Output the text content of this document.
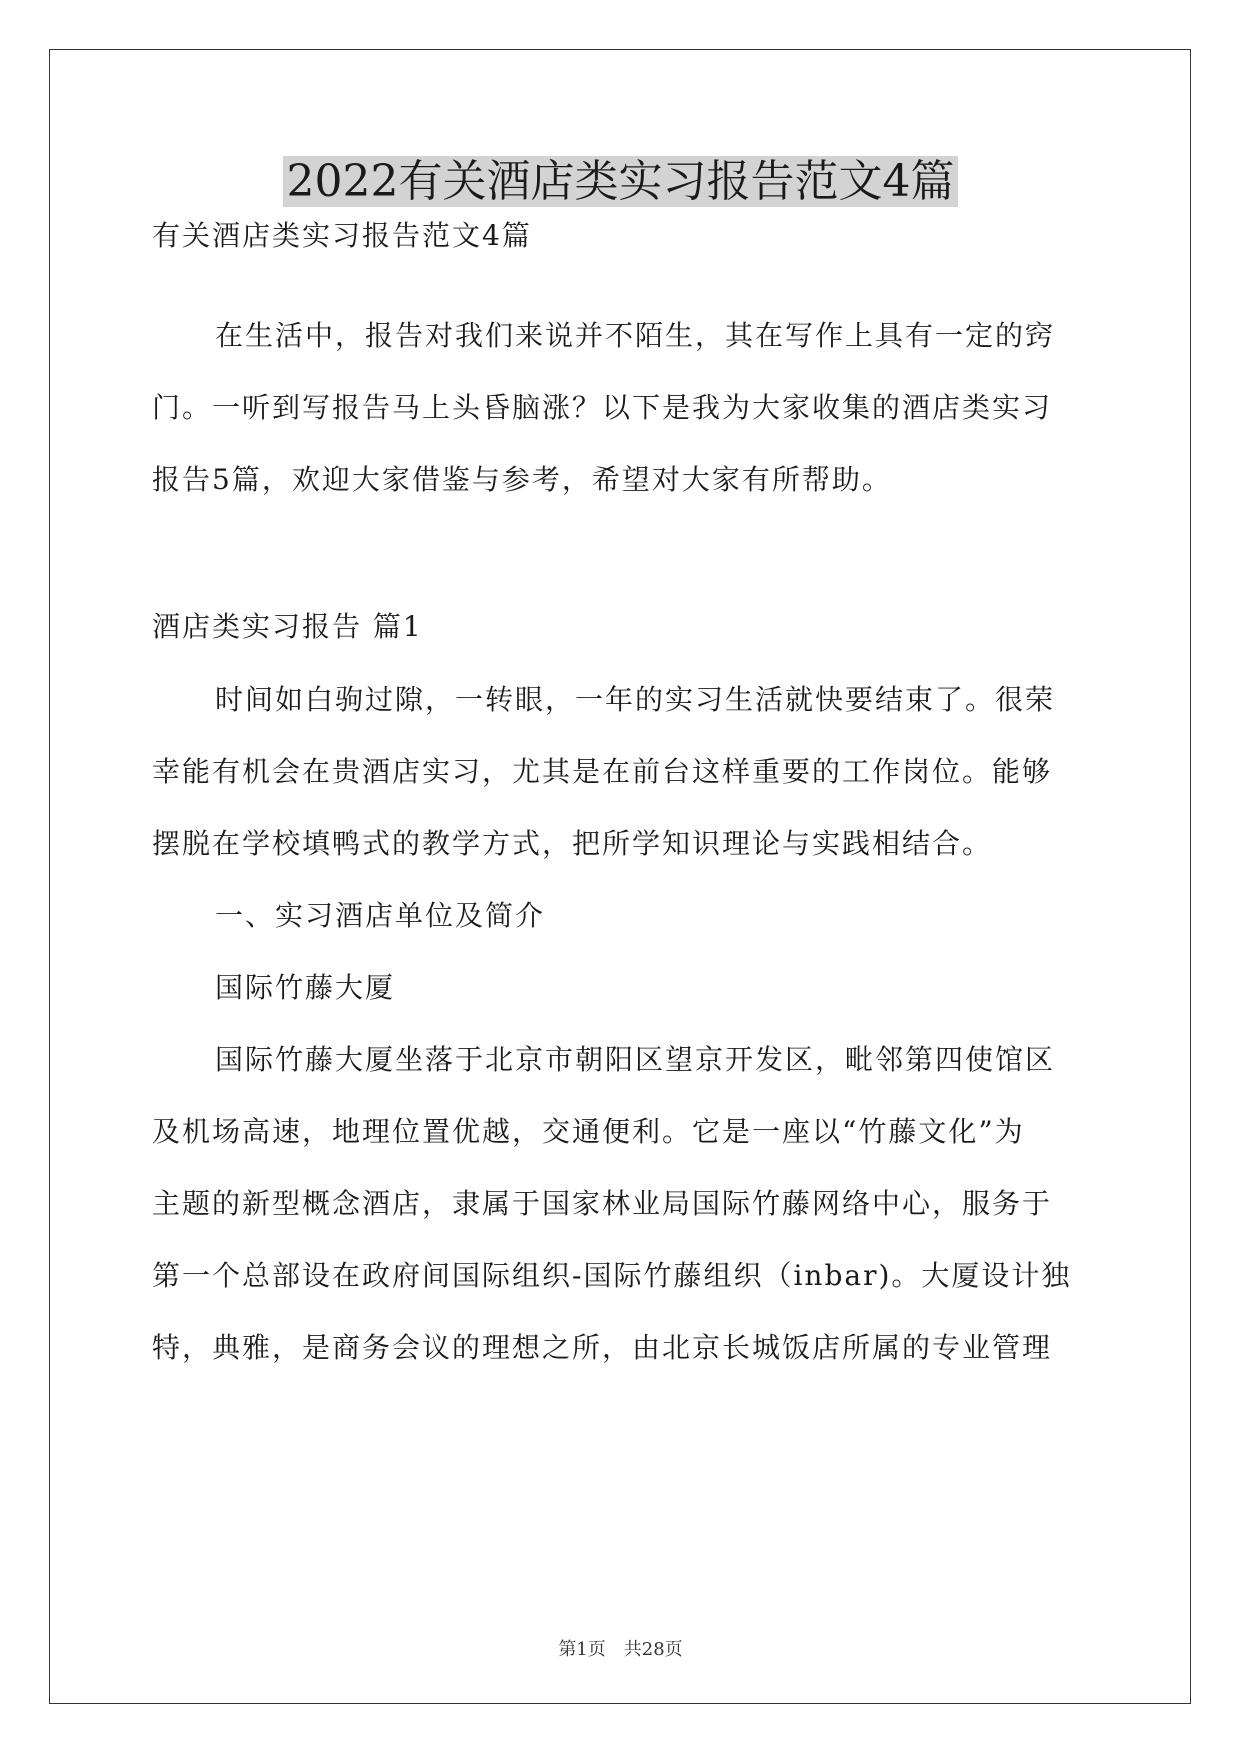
2022有关酒店类实习报告范文4篇

有关酒店类实习报告范文4篇

在生活中，报告对我们来说并不陌生，其在写作上具有一定的窍

门。一听到写报告马上头昏脑涨？以下是我为大家收集的酒店类实习

报告5篇，欢迎大家借鉴与参考，希望对大家有所帮助。

酒店类实习报告 篇1

时间如白驹过隙，一转眼，一年的实习生活就快要结束了。很荣

幸能有机会在贵酒店实习，尤其是在前台这样重要的工作岗位。能够

摆脱在学校填鸭式的教学方式，把所学知识理论与实践相结合。

一、实习酒店单位及简介

国际竹藤大厦

国际竹藤大厦坐落于北京市朝阳区望京开发区，毗邻第四使馆区

及机场高速，地理位置优越，交通便利。它是一座以“竹藤文化”为

主题的新型概念酒店，隶属于国家林业局国际竹藤网络中心，服务于

第一个总部设在政府间国际组织-国际竹藤组织（inbar)。大厦设计独

特，典雅，是商务会议的理想之所，由北京长城饭店所属的专业管理

第1页　共28页
